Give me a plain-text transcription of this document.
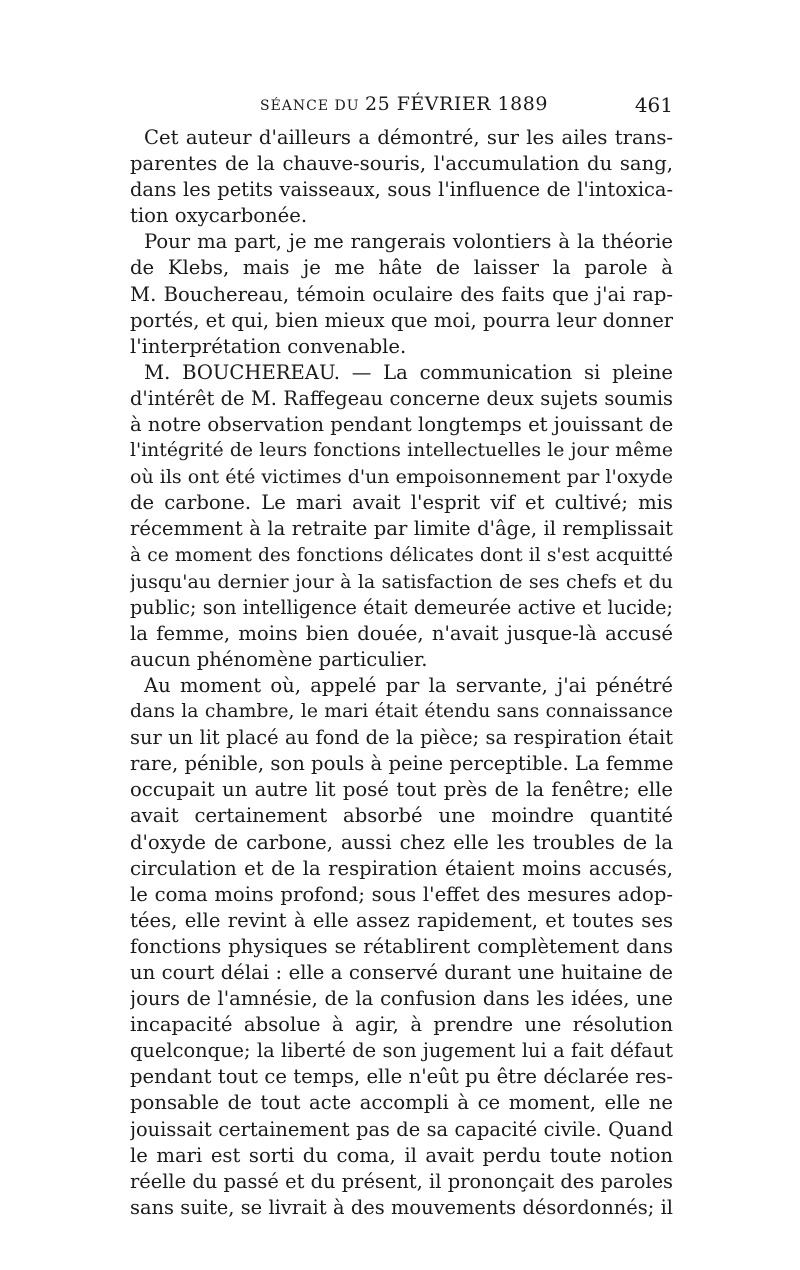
SÉANCE DU 25 FÉVRIER 1889	461
Cet auteur d'ailleurs a démontré, sur les ailes trans-
parentes de la chauve-souris, l'accumulation du sang,
dans les petits vaisseaux, sous l'influence de l'intoxica-
tion oxycarbonée.
Pour ma part, je me rangerais volontiers à la théorie
de Klebs, mais je me hâte de laisser la parole à
M. Bouchereau, témoin oculaire des faits que j'ai rap-
portés, et qui, bien mieux que moi, pourra leur donner
l'interprétation convenable.
M. BOUCHEREAU. — La communication si pleine
d'intérêt de M. Raffegeau concerne deux sujets soumis
à notre observation pendant longtemps et jouissant de
l'intégrité de leurs fonctions intellectuelles le jour même
où ils ont été victimes d'un empoisonnement par l'oxyde
de carbone. Le mari avait l'esprit vif et cultivé; mis
récemment à la retraite par limite d'âge, il remplissait
à ce moment des fonctions délicates dont il s'est acquitté
jusqu'au dernier jour à la satisfaction de ses chefs et du
public; son intelligence était demeurée active et lucide;
la femme, moins bien douée, n'avait jusque-là accusé
aucun phénomène particulier.
Au moment où, appelé par la servante, j'ai pénétré
dans la chambre, le mari était étendu sans connaissance
sur un lit placé au fond de la pièce; sa respiration était
rare, pénible, son pouls à peine perceptible. La femme
occupait un autre lit posé tout près de la fenêtre; elle
avait certainement absorbé une moindre quantité
d'oxyde de carbone, aussi chez elle les troubles de la
circulation et de la respiration étaient moins accusés,
le coma moins profond; sous l'effet des mesures adop-
tées, elle revint à elle assez rapidement, et toutes ses
fonctions physiques se rétablirent complètement dans
un court délai : elle a conservé durant une huitaine de
jours de l'amnésie, de la confusion dans les idées, une
incapacité absolue à agir, à prendre une résolution
quelconque; la liberté de son jugement lui a fait défaut
pendant tout ce temps, elle n'eût pu être déclarée res-
ponsable de tout acte accompli à ce moment, elle ne
jouissait certainement pas de sa capacité civile. Quand
le mari est sorti du coma, il avait perdu toute notion
réelle du passé et du présent, il prononçait des paroles
sans suite, se livrait à des mouvements désordonnés; il
